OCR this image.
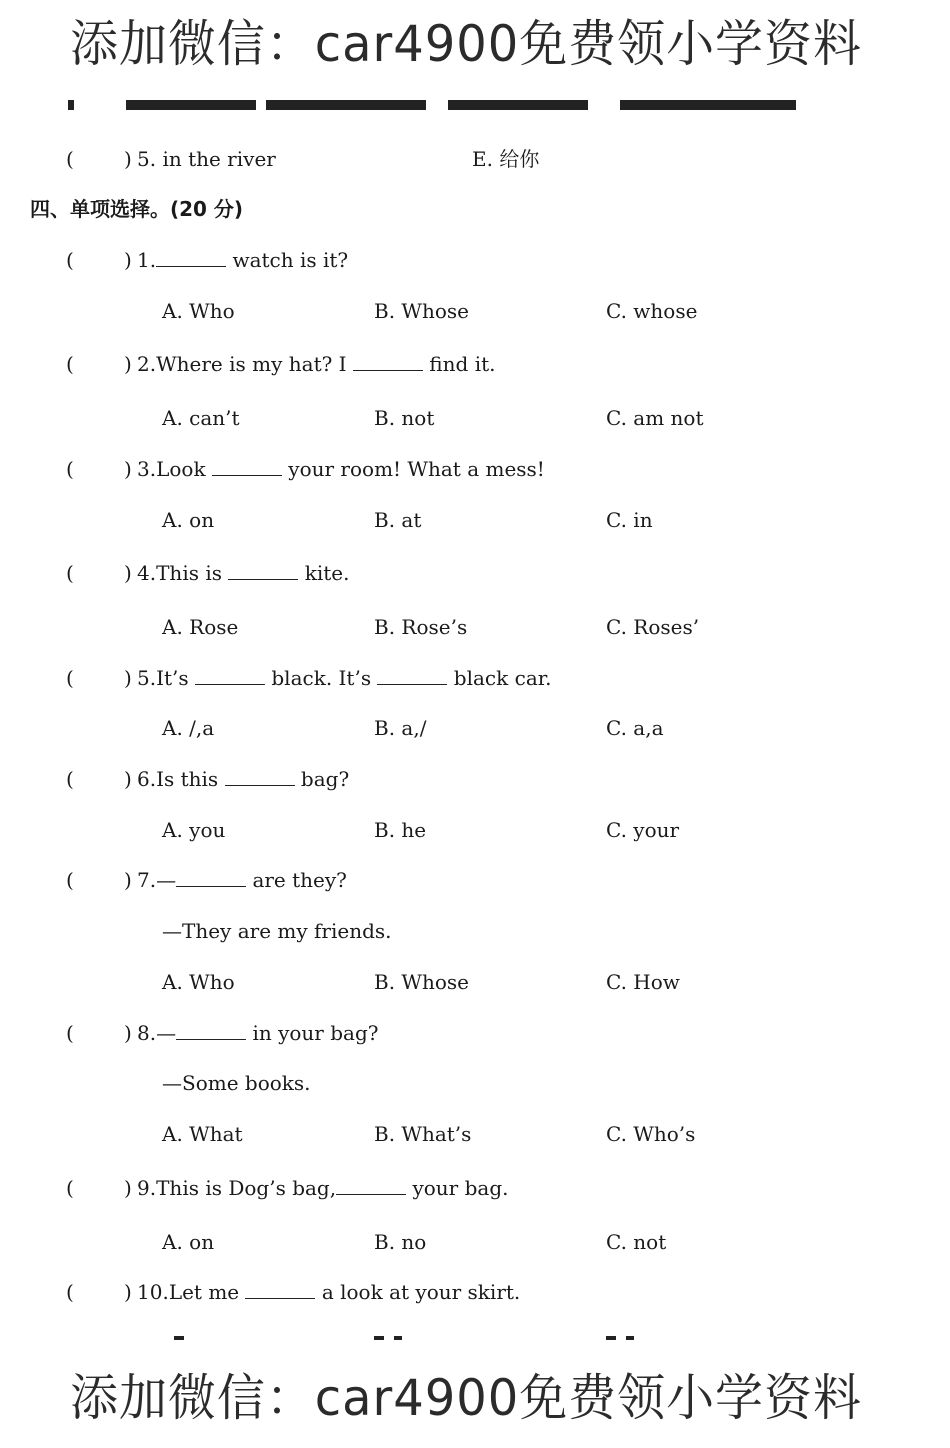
(	) 5. in the river	E. 给你
四、单项选择。(20 分)
(	) 1.	watch is it?
A. Who	B. Whose	C. whose
(	) 2.Where is my hat? I	find it.
A. can’t	B. not	C. am not
(	) 3.Look	your room! What a mess!
A. on	B. at	C. in
(	) 4.This is	kite.
A. Rose	B. Rose’s	C. Roses’
(	) 5.It’s	black. It’s	black car.
A. /,a	B. a,/	C. a,a
(	) 6.Is this	bag?
A. you	B. he	C. your
(	) 7.—	are they?
—They are my friends.
A. Who	B. Whose	C. How
(	) 8.—	in your bag?
—Some books.
A. What	B. What’s	C. Who’s
(	) 9.This is Dog’s bag,	your bag.
A. on	B. no	C. not
(	) 10.Let me	a look at your skirt.
添加微信：car4900免费领小学资料
添加微信：car4900免费领小学资料
